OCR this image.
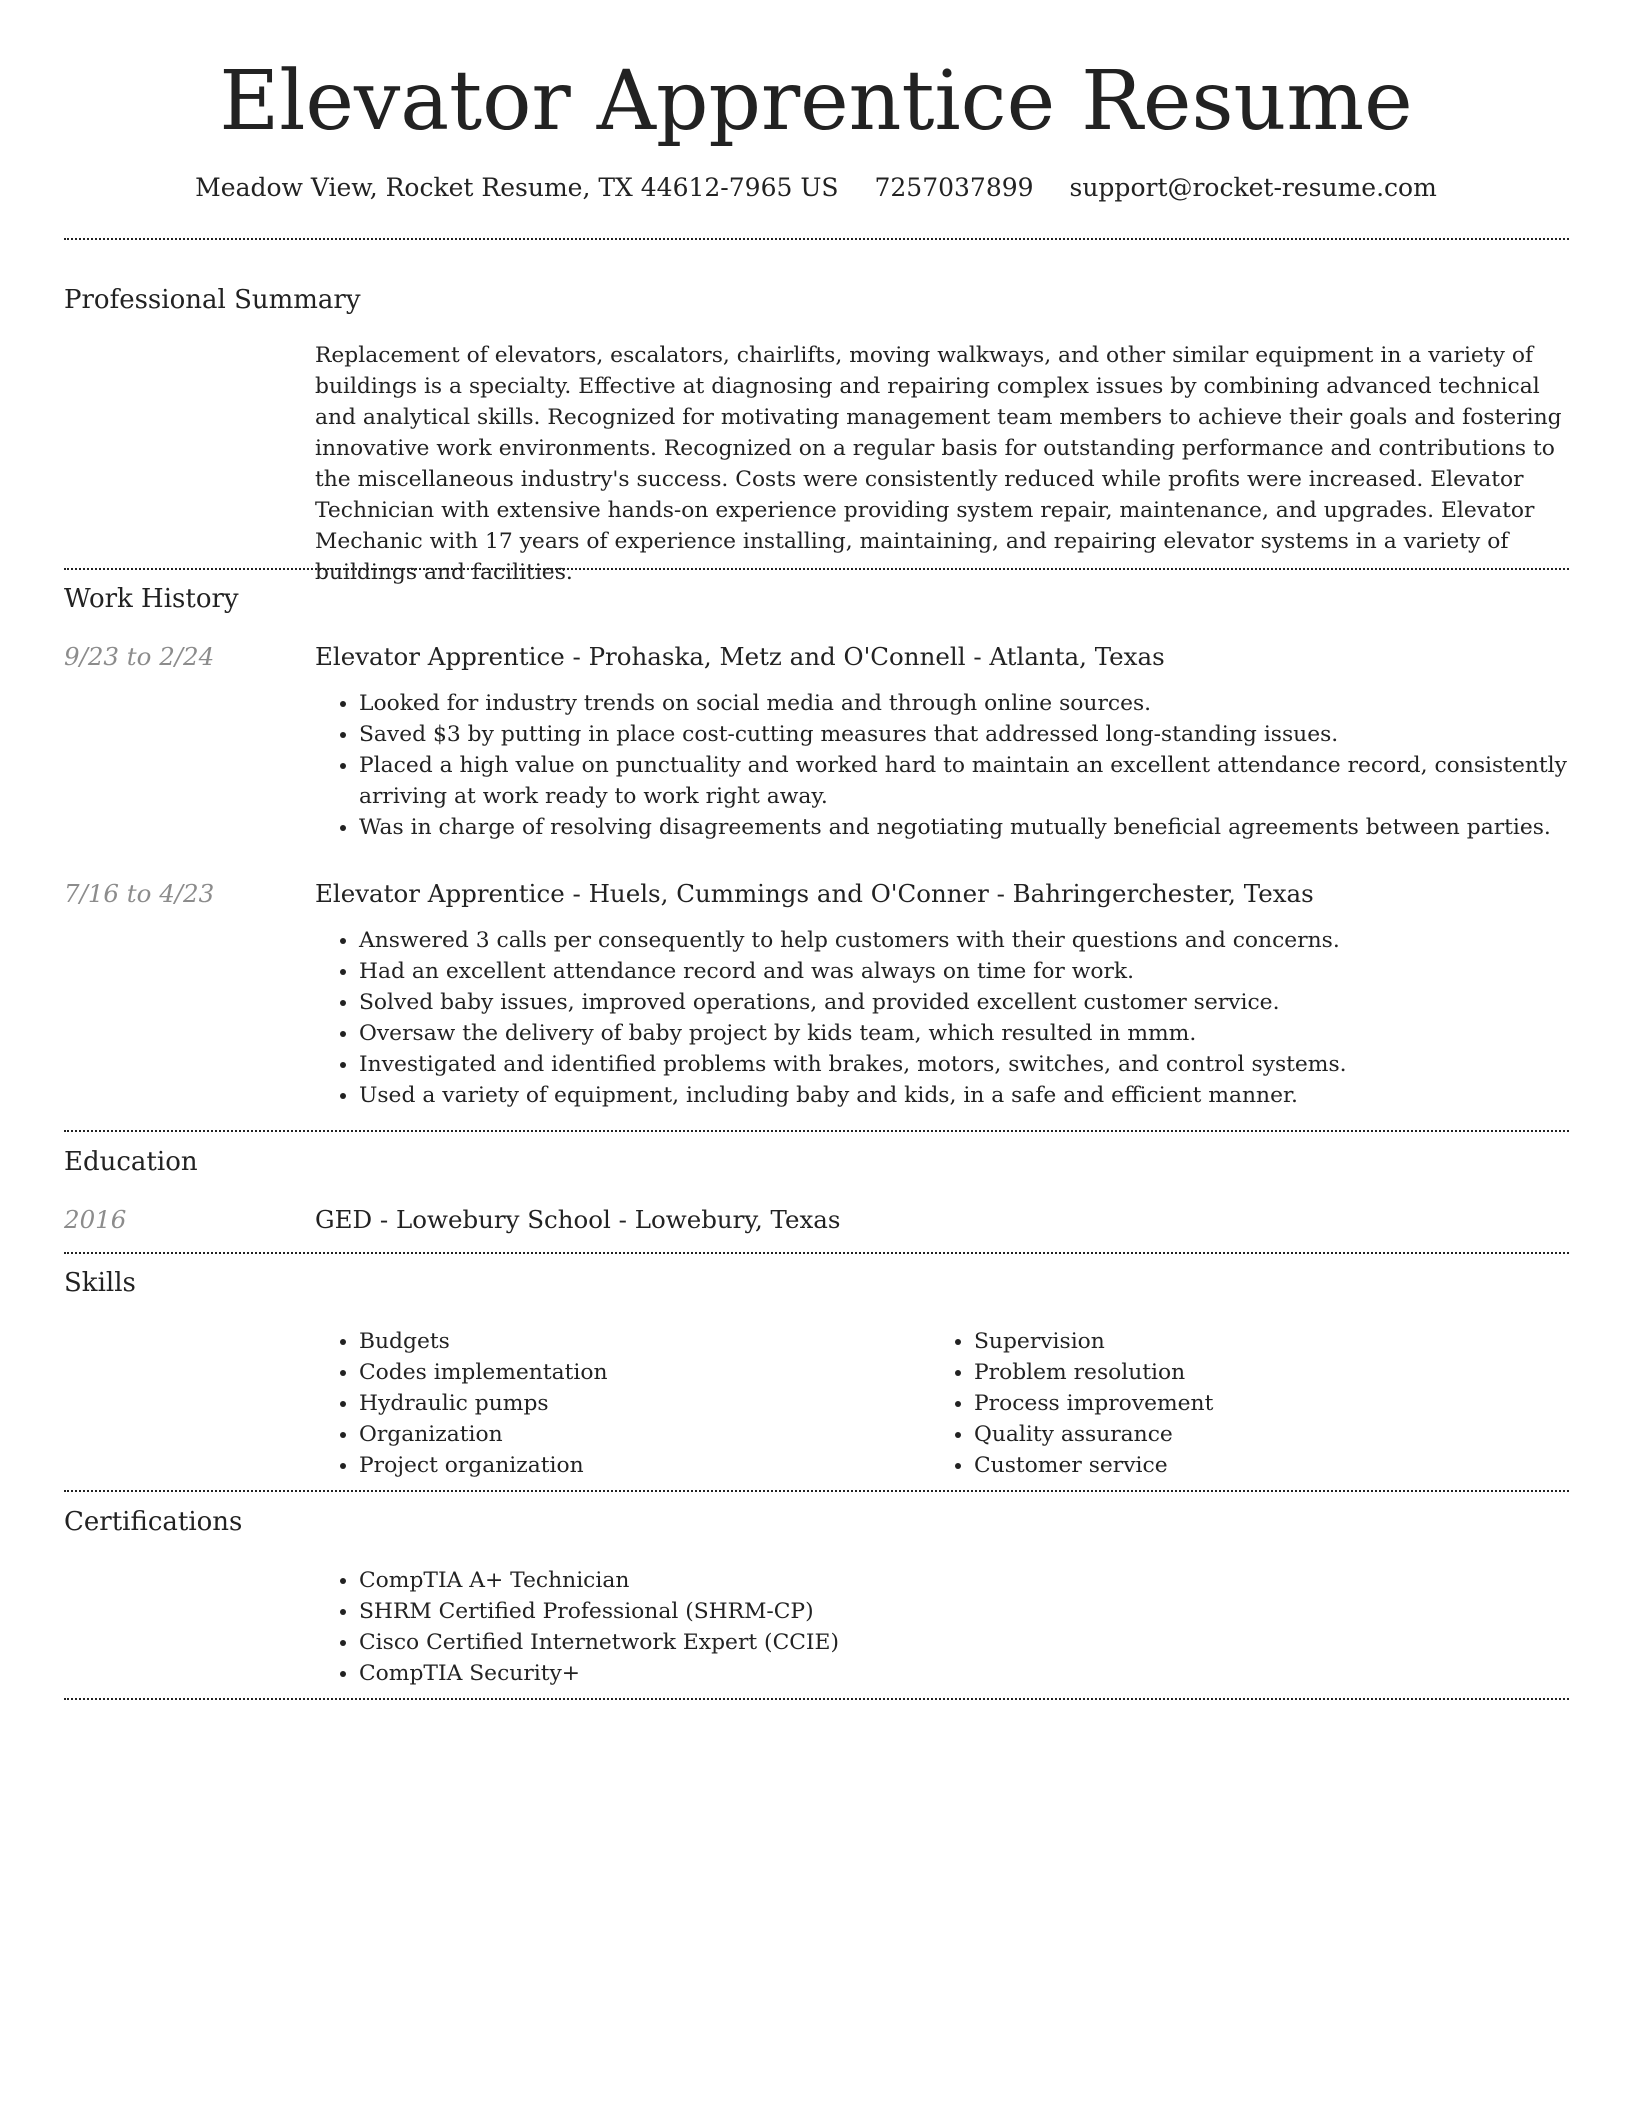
Elevator Apprentice Resume
Meadow View, Rocket Resume, TX 44612-7965 US 7257037899 support@rocket-resume.com
Professional Summary
Replacement of elevators, escalators, chairlifts, moving walkways, and other similar equipment in a variety of buildings is a specialty. Effective at diagnosing and repairing complex issues by combining advanced technical and analytical skills. Recognized for motivating management team members to achieve their goals and fostering innovative work environments. Recognized on a regular basis for outstanding performance and contributions to the miscellaneous industry's success. Costs were consistently reduced while profits were increased. Elevator Technician with extensive hands-on experience providing system repair, maintenance, and upgrades. Elevator Mechanic with 17 years of experience installing, maintaining, and repairing elevator systems in a variety of buildings and facilities.
Work History
9/23 to 2/24	Elevator Apprentice - Prohaska, Metz and O'Connell - Atlanta, Texas
• Looked for industry trends on social media and through online sources.
• Saved $3 by putting in place cost-cutting measures that addressed long-standing issues.
• Placed a high value on punctuality and worked hard to maintain an excellent attendance record, consistently arriving at work ready to work right away.
• Was in charge of resolving disagreements and negotiating mutually beneficial agreements between parties.
7/16 to 4/23	Elevator Apprentice - Huels, Cummings and O'Conner - Bahringerchester, Texas
• Answered 3 calls per consequently to help customers with their questions and concerns.
• Had an excellent attendance record and was always on time for work.
• Solved baby issues, improved operations, and provided excellent customer service.
• Oversaw the delivery of baby project by kids team, which resulted in mmm.
• Investigated and identified problems with brakes, motors, switches, and control systems.
• Used a variety of equipment, including baby and kids, in a safe and efficient manner.
Education
2016	GED - Lowebury School - Lowebury, Texas
Skills
• Budgets
• Codes implementation
• Hydraulic pumps
• Organization
• Project organization
• Supervision
• Problem resolution
• Process improvement
• Quality assurance
• Customer service
Certifications
• CompTIA A+ Technician
• SHRM Certified Professional (SHRM-CP)
• Cisco Certified Internetwork Expert (CCIE)
• CompTIA Security+
